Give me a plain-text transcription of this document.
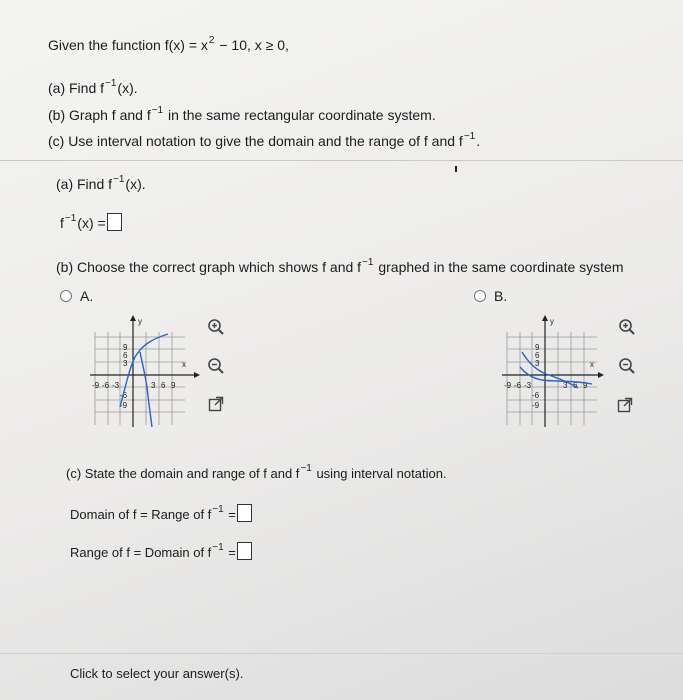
Given the function $f(x) = x^2 - 10$, x ≥ 0,
(a) Find $f^{-1}(x)$.
(b) Graph f and $f^{-1}$ in the same rectangular coordinate system.
(c) Use interval notation to give the domain and the range of f and $f^{-1}$.
(a) Find $f^{-1}(x)$.
$f^{-1}(x)$ =
(b) Choose the correct graph which shows f and $f^{-1}$ graphed in the same coordinate system
A.	B.
y
x
9
6
3
-6
-9
-9 -6 -3	3 6 9
y
x
9
6
3
-6
-9
-9 -6 -3	3 6 9
(c) State the domain and range of f and $f^{-1}$ using interval notation.
Domain of f = Range of $f^{-1}$ =
Range of f = Domain of $f^{-1}$ =
Click to select your answer(s).
